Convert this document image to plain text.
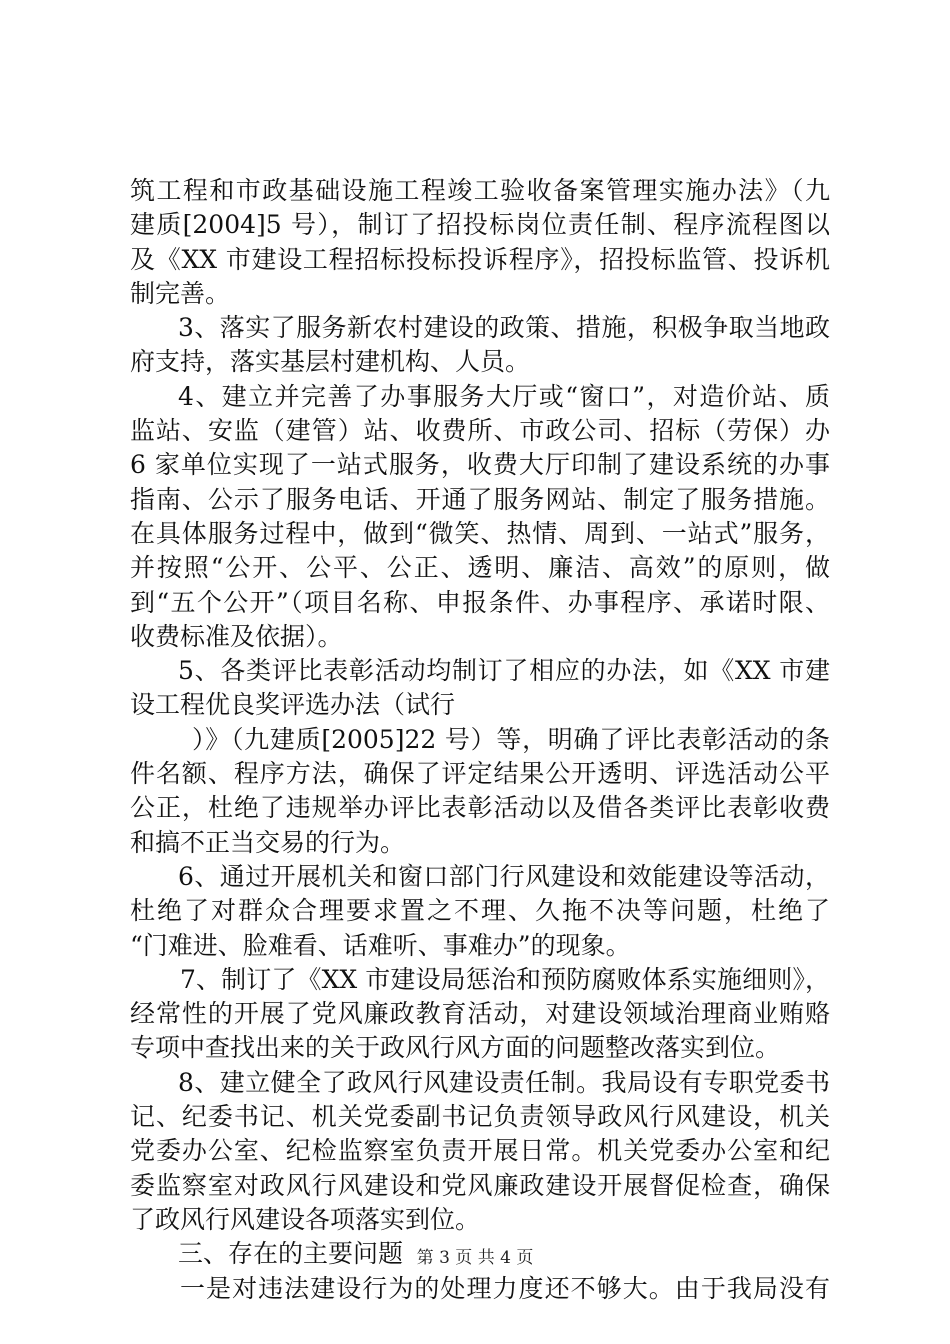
筑工程和市政基础设施工程竣工验收备案管理实施办法》（九
建质[2004]5 号），制订了招投标岗位责任制、程序流程图以
及《XX 市建设工程招标投标投诉程序》，招投标监管、投诉机
制完善。
3、落实了服务新农村建设的政策、措施，积极争取当地政
府支持，落实基层村建机构、人员。
4、建立并完善了办事服务大厅或“窗口”，对造价站、质
监站、安监（建管）站、收费所、市政公司、招标（劳保）办
6 家单位实现了一站式服务，收费大厅印制了建设系统的办事
指南、公示了服务电话、开通了服务网站、制定了服务措施。
在具体服务过程中，做到“微笑、热情、周到、一站式”服务，
并按照“公开、公平、公正、透明、廉洁、高效”的原则，做
到“五个公开”（项目名称、申报条件、办事程序、承诺时限、
收费标准及依据）。
5、各类评比表彰活动均制订了相应的办法，如《XX 市建
设工程优良奖评选办法（试行
）》（九建质[2005]22 号）等，明确了评比表彰活动的条
件名额、程序方法，确保了评定结果公开透明、评选活动公平
公正，杜绝了违规举办评比表彰活动以及借各类评比表彰收费
和搞不正当交易的行为。
6、通过开展机关和窗口部门行风建设和效能建设等活动，
杜绝了对群众合理要求置之不理、久拖不决等问题，杜绝了
“门难进、脸难看、话难听、事难办”的现象。
7、制订了《XX 市建设局惩治和预防腐败体系实施细则》，
经常性的开展了党风廉政教育活动，对建设领域治理商业贿赂
专项中查找出来的关于政风行风方面的问题整改落实到位。
8、建立健全了政风行风建设责任制。我局设有专职党委书
记、纪委书记、机关党委副书记负责领导政风行风建设，机关
党委办公室、纪检监察室负责开展日常。机关党委办公室和纪
委监察室对政风行风建设和党风廉政建设开展督促检查，确保
了政风行风建设各项落实到位。
三、存在的主要问题
一是对违法建设行为的处理力度还不够大。由于我局没有
第 3 页 共 4 页
